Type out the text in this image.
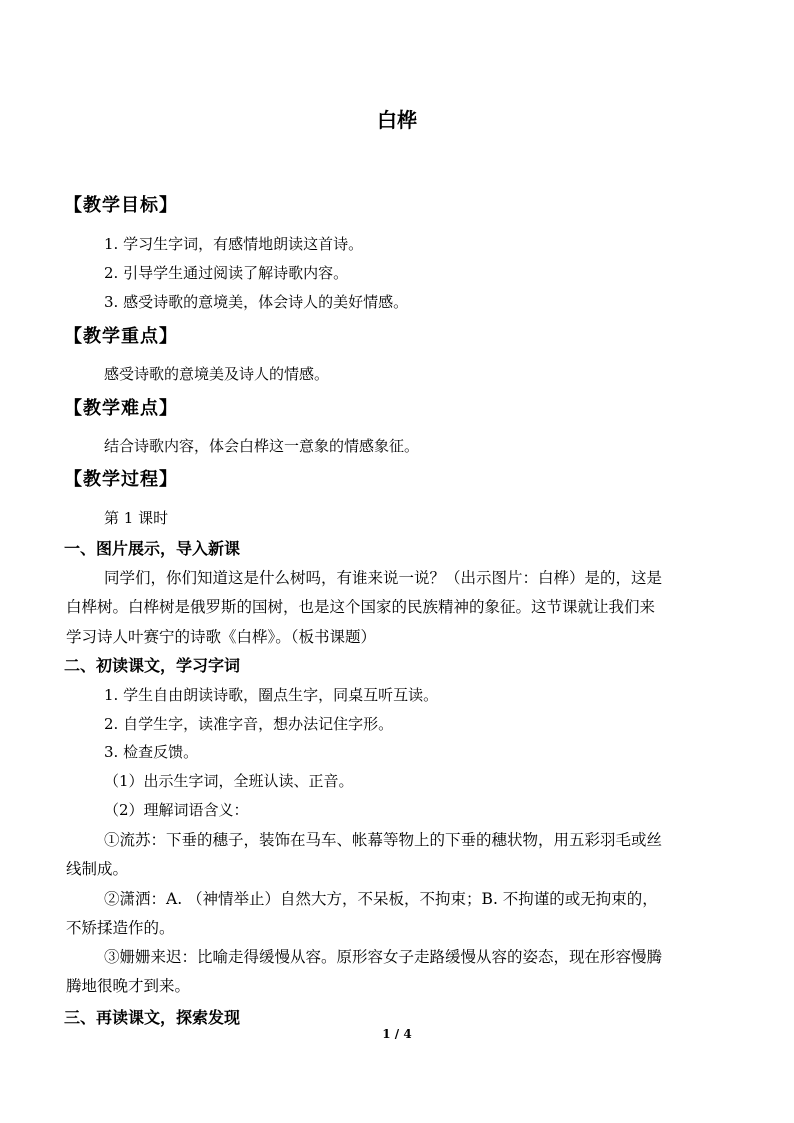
白桦
【教学目标】
1. 学习生字词，有感情地朗读这首诗。
2. 引导学生通过阅读了解诗歌内容。
3. 感受诗歌的意境美，体会诗人的美好情感。
【教学重点】
感受诗歌的意境美及诗人的情感。
【教学难点】
结合诗歌内容，体会白桦这一意象的情感象征。
【教学过程】
第 1 课时
一、图片展示，导入新课
同学们，你们知道这是什么树吗，有谁来说一说？（出示图片：白桦）是的，这是
白桦树。白桦树是俄罗斯的国树，也是这个国家的民族精神的象征。这节课就让我们来
学习诗人叶赛宁的诗歌《白桦》。（板书课题）
二、初读课文，学习字词
1. 学生自由朗读诗歌，圈点生字，同桌互听互读。
2. 自学生字，读准字音，想办法记住字形。
3. 检查反馈。
（1）出示生字词，全班认读、正音。
（2）理解词语含义：
①流苏：下垂的穗子，装饰在马车、帐幕等物上的下垂的穗状物，用五彩羽毛或丝
线制成。
②潇洒：A. （神情举止）自然大方，不呆板，不拘束；B. 不拘谨的或无拘束的，
不矫揉造作的。
③姗姗来迟：比喻走得缓慢从容。原形容女子走路缓慢从容的姿态，现在形容慢腾
腾地很晚才到来。
三、再读课文，探索发现
1 / 4
